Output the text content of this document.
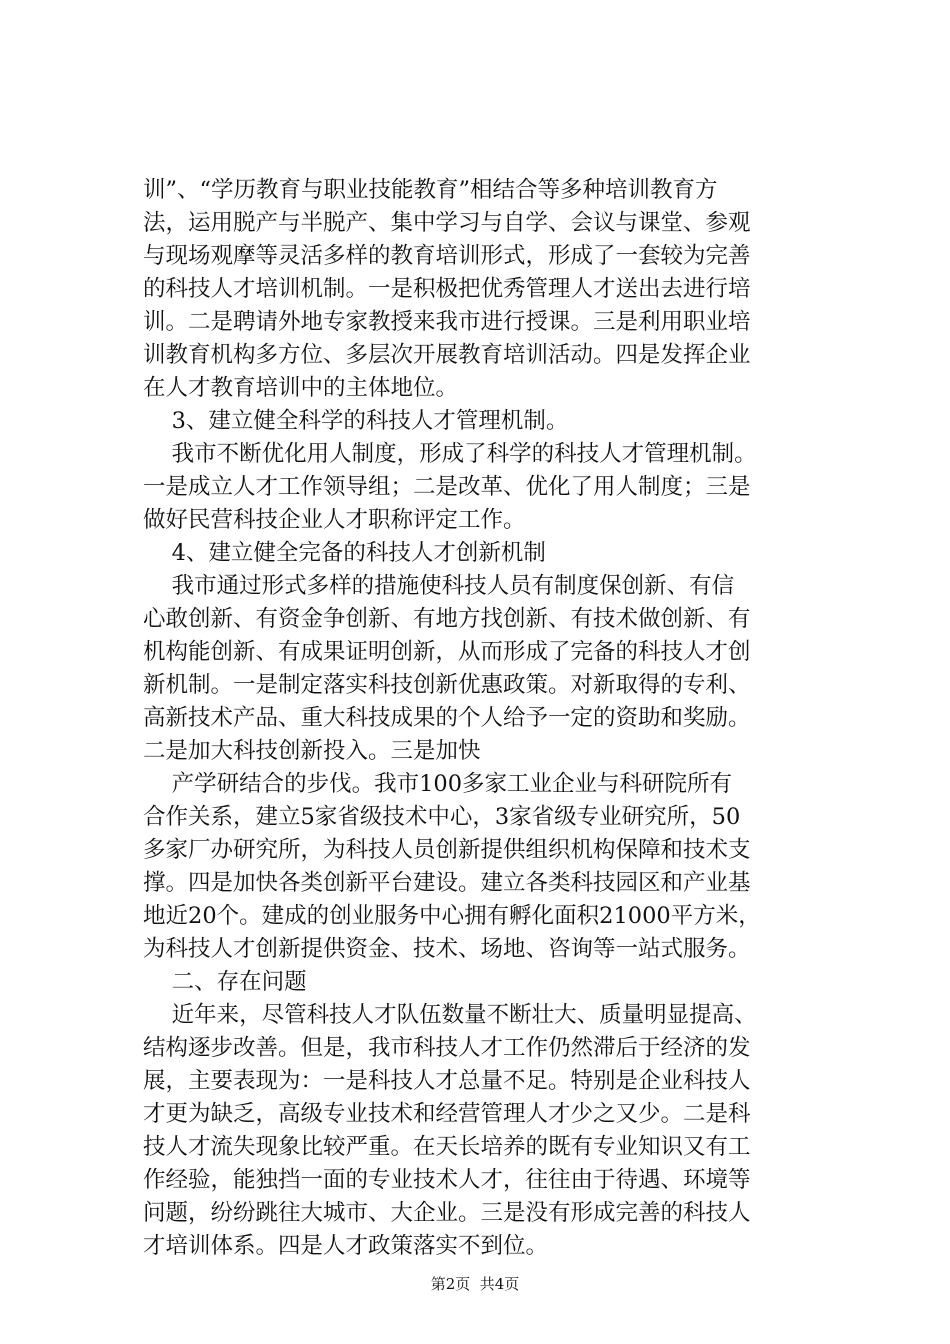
训”、“学历教育与职业技能教育”相结合等多种培训教育方
法，运用脱产与半脱产、集中学习与自学、会议与课堂、参观
与现场观摩等灵活多样的教育培训形式，形成了一套较为完善
的科技人才培训机制。一是积极把优秀管理人才送出去进行培
训。二是聘请外地专家教授来我市进行授课。三是利用职业培
训教育机构多方位、多层次开展教育培训活动。四是发挥企业
在人才教育培训中的主体地位。
3、建立健全科学的科技人才管理机制。
我市不断优化用人制度，形成了科学的科技人才管理机制。
一是成立人才工作领导组；二是改革、优化了用人制度；三是
做好民营科技企业人才职称评定工作。
4、建立健全完备的科技人才创新机制
我市通过形式多样的措施使科技人员有制度保创新、有信
心敢创新、有资金争创新、有地方找创新、有技术做创新、有
机构能创新、有成果证明创新，从而形成了完备的科技人才创
新机制。一是制定落实科技创新优惠政策。对新取得的专利、
高新技术产品、重大科技成果的个人给予一定的资助和奖励。
二是加大科技创新投入。三是加快
产学研结合的步伐。我市100多家工业企业与科研院所有
合作关系，建立5家省级技术中心，3家省级专业研究所，50
多家厂办研究所，为科技人员创新提供组织机构保障和技术支
撑。四是加快各类创新平台建设。建立各类科技园区和产业基
地近20个。建成的创业服务中心拥有孵化面积21000平方米，
为科技人才创新提供资金、技术、场地、咨询等一站式服务。
二、存在问题
近年来，尽管科技人才队伍数量不断壮大、质量明显提高、
结构逐步改善。但是，我市科技人才工作仍然滞后于经济的发
展，主要表现为：一是科技人才总量不足。特别是企业科技人
才更为缺乏，高级专业技术和经营管理人才少之又少。二是科
技人才流失现象比较严重。在天长培养的既有专业知识又有工
作经验，能独挡一面的专业技术人才，往往由于待遇、环境等
问题，纷纷跳往大城市、大企业。三是没有形成完善的科技人
才培训体系。四是人才政策落实不到位。
第2页  共4页
